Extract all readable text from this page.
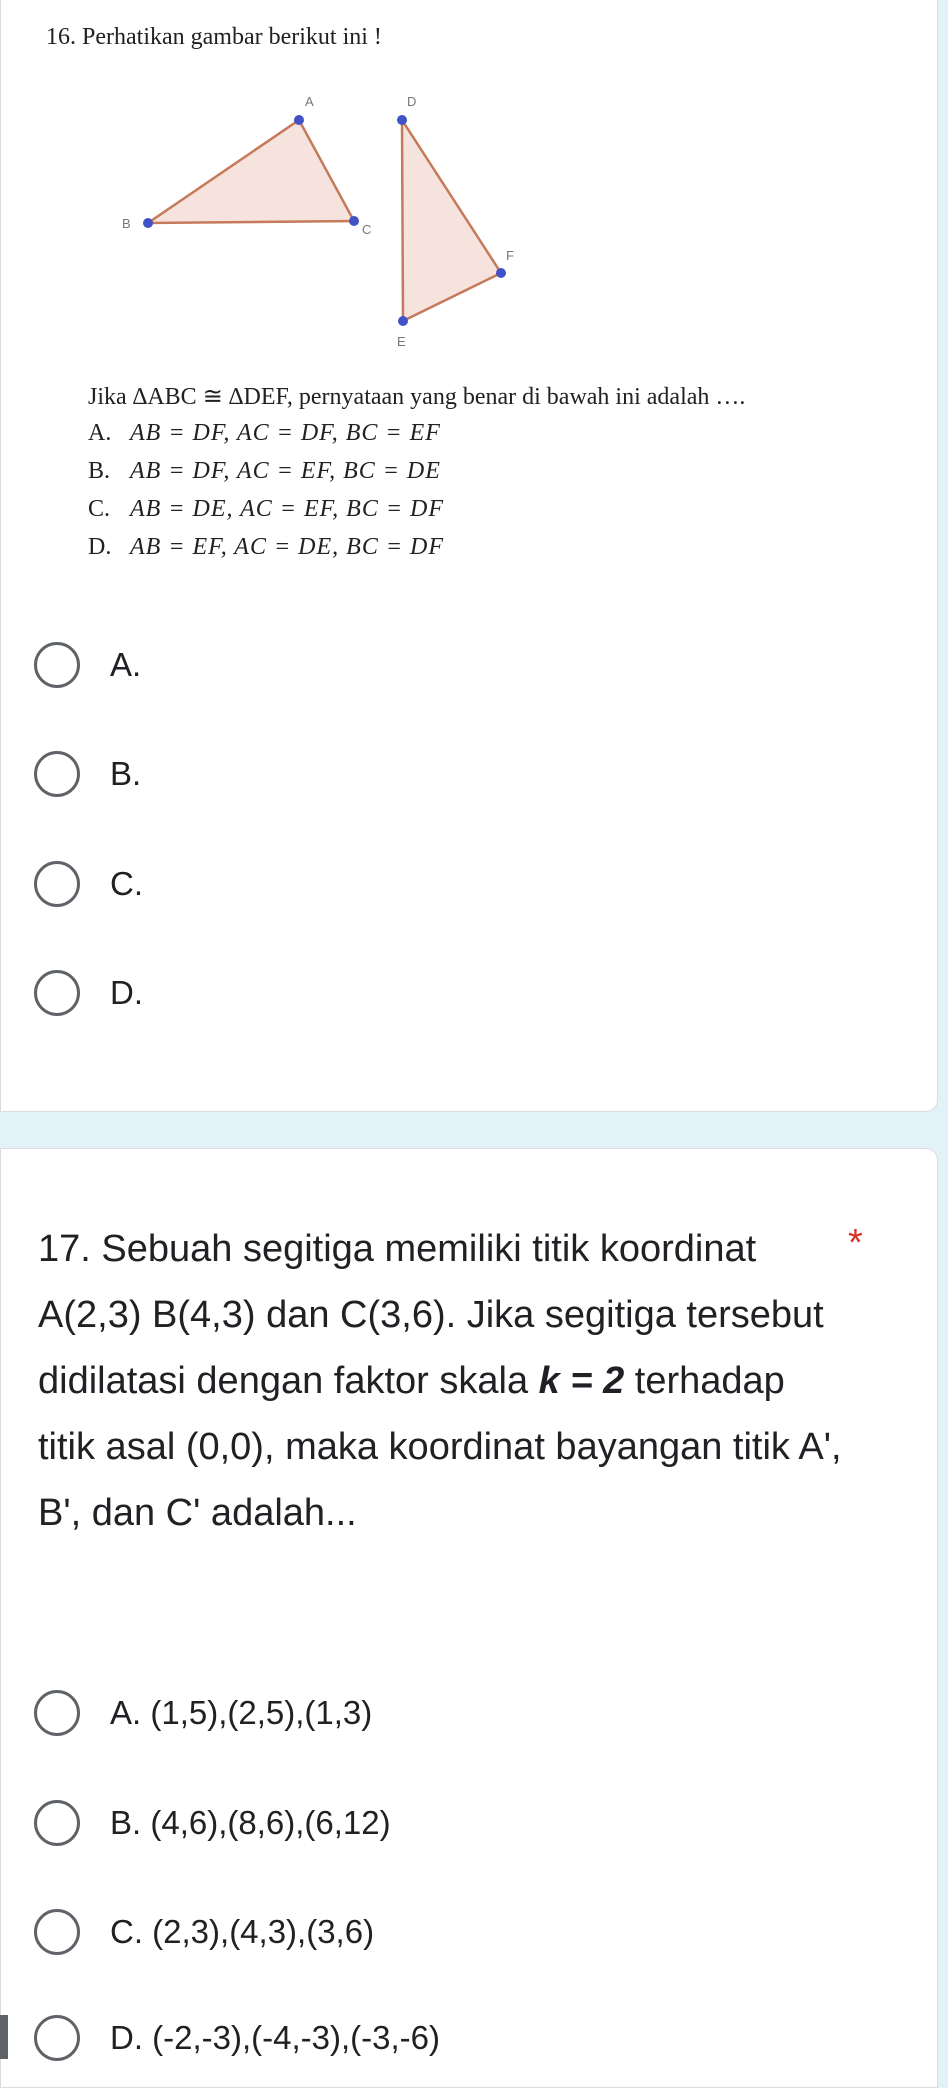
16. Perhatikan gambar berikut ini !
A
B	C
D
E
F
Jika ∆ABC ≅ ∆DEF, pernyataan yang benar di bawah ini adalah ….
A. AB = DF, AC = DF, BC = EF
B. AB = DF, AC = EF, BC = DE
C. AB = DE, AC = EF, BC = DF
D. AB = EF, AC = DE, BC = DF
A.
B.
C.
D.
17. Sebuah segitiga memiliki titik koordinat A(2,3) B(4,3) dan C(3,6). Jika segitiga tersebut didilatasi dengan faktor skala k = 2 terhadap titik asal (0,0), maka koordinat bayangan titik A', B', dan C' adalah...
*
A. (1,5),(2,5),(1,3)
B. (4,6),(8,6),(6,12)
C. (2,3),(4,3),(3,6)
D. (-2,-3),(-4,-3),(-3,-6)
